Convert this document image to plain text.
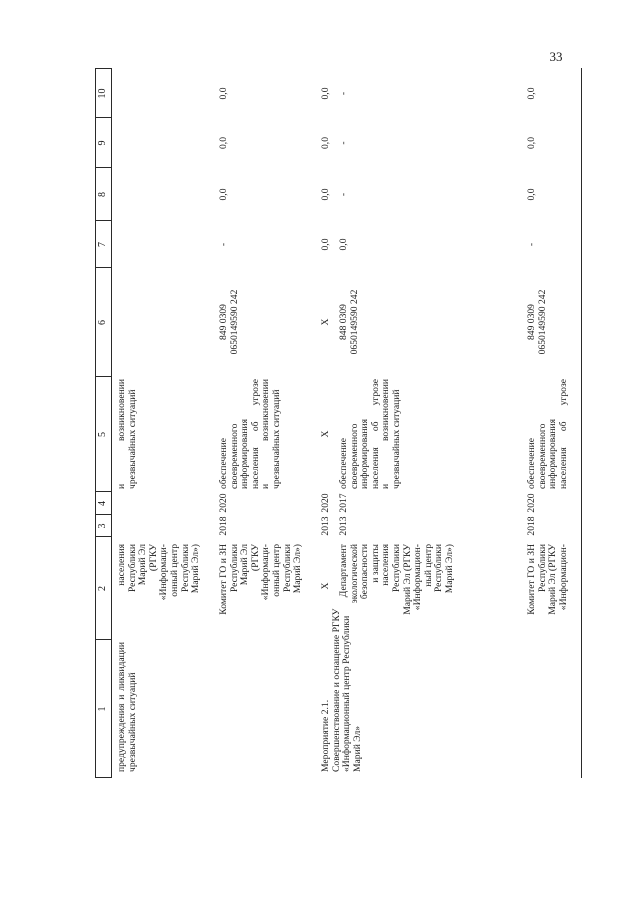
33
1
2
3
4
5
6
7
8
9
10
предупреждения и ликвидации чрезвычайных ситуаций
населения Республики Марий Эл (РГКУ «Информаци- онный центр Республики Марий Эл»)
и возникновении чрезвычайных ситуаций
Комитет ГО и ЗН Республики Марий Эл (РГКУ «Информаци- онный центр Республики Марий Эл»)
2018
2020
обеспечение своевременного информирования населения об угрозе и возникновении чрезвычайных ситуаций
849 0309 0650149590 242
-
0,0
0,0
0,0
Мероприятие 2.1. Совершенствование и оснащение РГКУ «Информационный центр Республики Марий Эл»
X
2013
2020
X
X
0,0
0,0
0,0
0,0
Департамент экологической безопасности и защиты населения Республики Марий Эл (РГКУ «Информацион- ный центр Республики Марий Эл»)
2013
2017
обеспечение своевременного информирования населения об угрозе и возникновении чрезвычайных ситуаций
848 0309 0650149590 242
0,0
-
-
-
Комитет ГО и ЗН Республики Марий Эл (РГКУ «Информацион-
2018
2020
обеспечение своевременного информирования населения об угрозе
849 0309 0650149590 242
-
0,0
0,0
0,0
